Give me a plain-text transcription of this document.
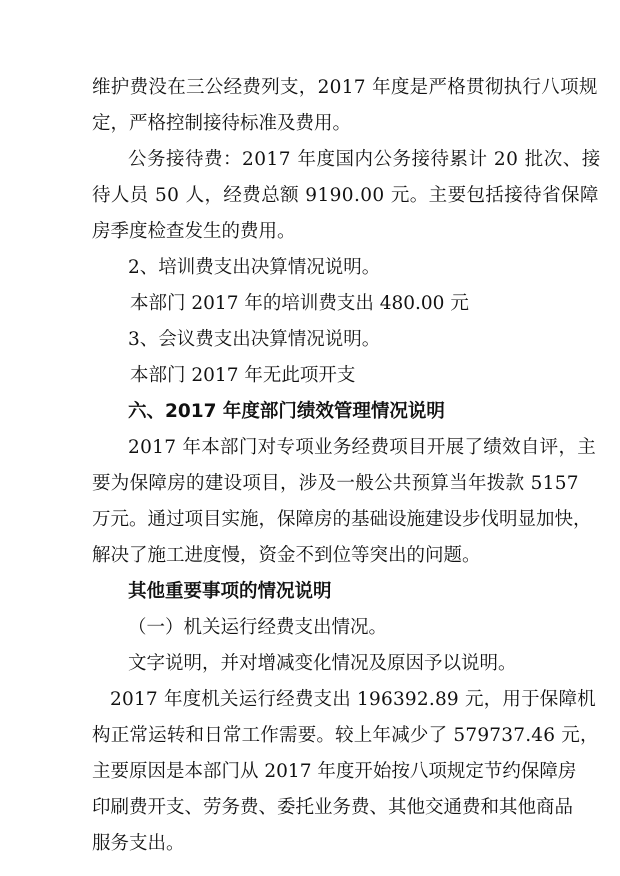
维护费没在三公经费列支，2017 年度是严格贯彻执行八项规
定，严格控制接待标准及费用。
公务接待费：2017 年度国内公务接待累计 20 批次、接
待人员 50 人，经费总额 9190.00 元。主要包括接待省保障
房季度检查发生的费用。
2、培训费支出决算情况说明。
本部门 2017 年的培训费支出 480.00 元
3、会议费支出决算情况说明。
本部门 2017 年无此项开支
六、2017 年度部门绩效管理情况说明
2017 年本部门对专项业务经费项目开展了绩效自评，主
要为保障房的建设项目，涉及一般公共预算当年拨款 5157
万元。通过项目实施，保障房的基础设施建设步伐明显加快，
解决了施工进度慢，资金不到位等突出的问题。
其他重要事项的情况说明
（一）机关运行经费支出情况。
文字说明，并对增减变化情况及原因予以说明。
2017 年度机关运行经费支出 196392.89 元，用于保障机
构正常运转和日常工作需要。较上年减少了 579737.46 元，
主要原因是本部门从 2017 年度开始按八项规定节约保障房
印刷费开支、劳务费、委托业务费、其他交通费和其他商品
服务支出。
